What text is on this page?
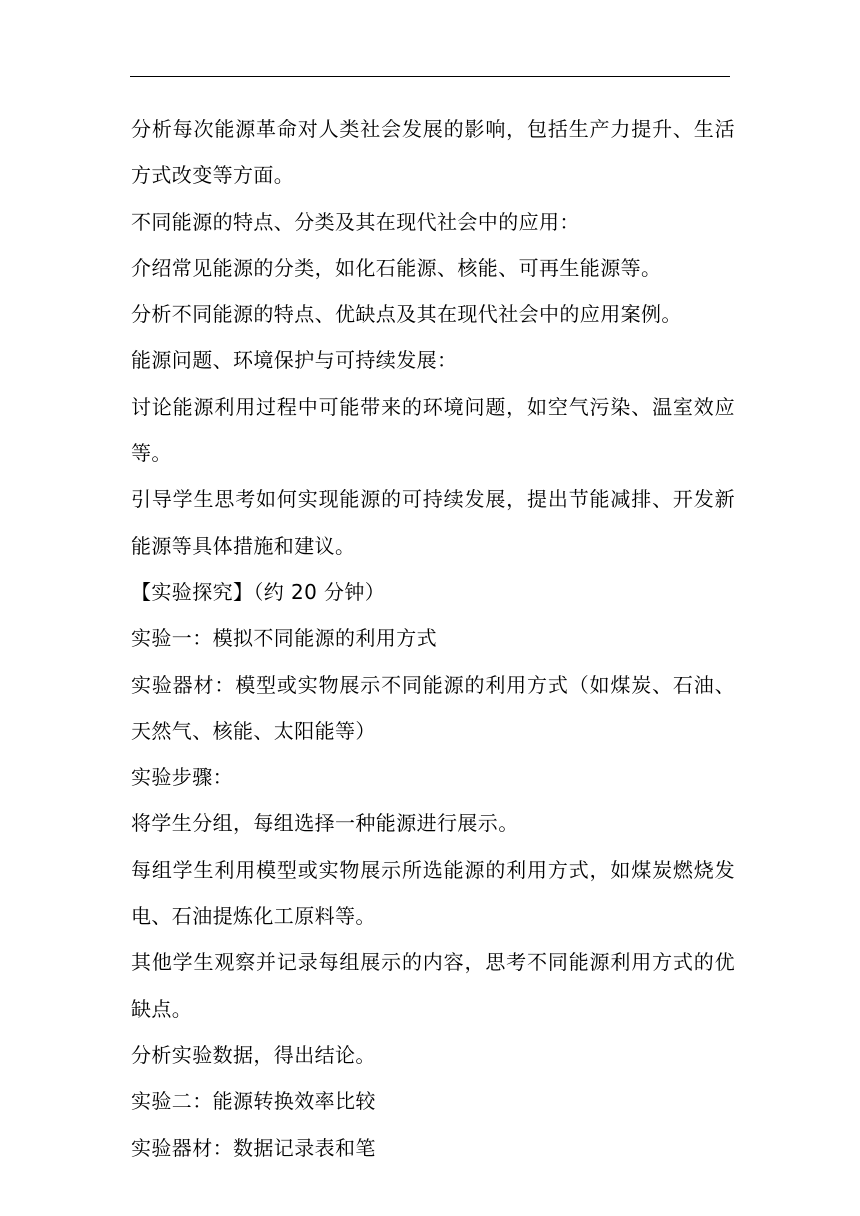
分析每次能源革命对人类社会发展的影响，包括生产力提升、生活方式改变等方面。

不同能源的特点、分类及其在现代社会中的应用：

介绍常见能源的分类，如化石能源、核能、可再生能源等。

分析不同能源的特点、优缺点及其在现代社会中的应用案例。

能源问题、环境保护与可持续发展：

讨论能源利用过程中可能带来的环境问题，如空气污染、温室效应等。

引导学生思考如何实现能源的可持续发展，提出节能减排、开发新能源等具体措施和建议。

【实验探究】（约 20 分钟）

实验一：模拟不同能源的利用方式

实验器材：模型或实物展示不同能源的利用方式（如煤炭、石油、天然气、核能、太阳能等）

实验步骤：

将学生分组，每组选择一种能源进行展示。

每组学生利用模型或实物展示所选能源的利用方式，如煤炭燃烧发电、石油提炼化工原料等。

其他学生观察并记录每组展示的内容，思考不同能源利用方式的优缺点。

分析实验数据，得出结论。

实验二：能源转换效率比较

实验器材：数据记录表和笔
